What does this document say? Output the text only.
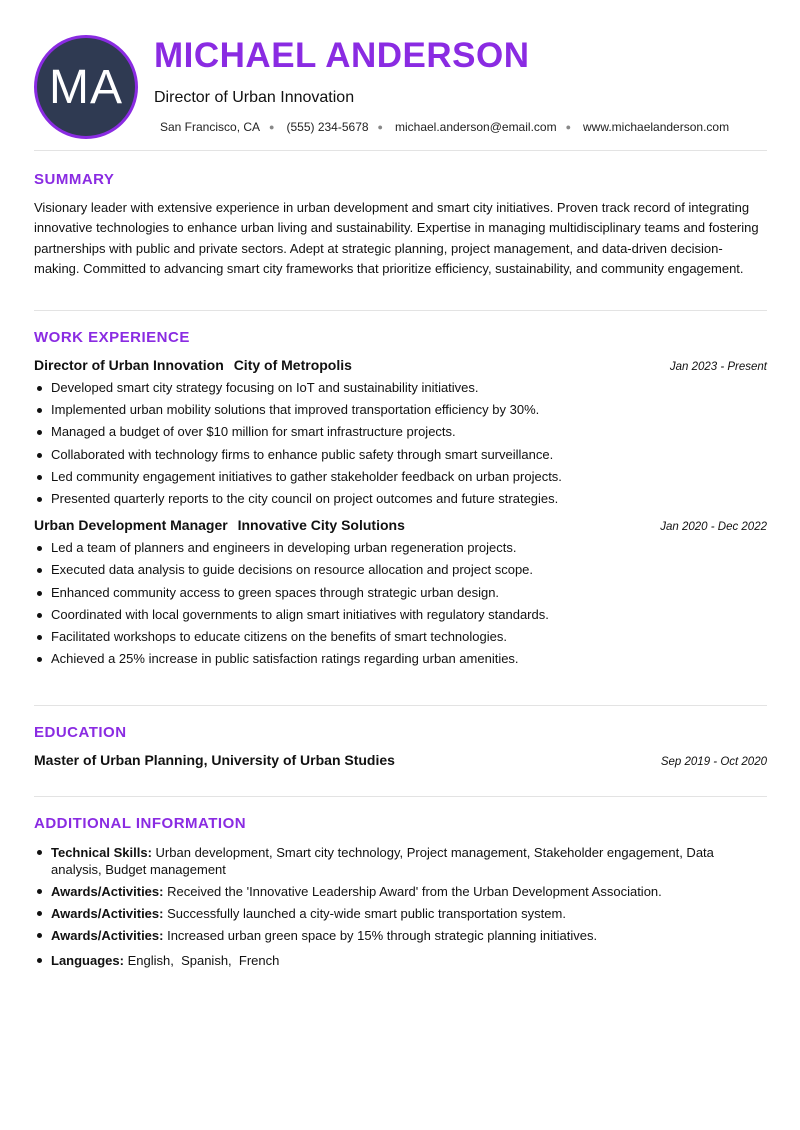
MA
MICHAEL ANDERSON
Director of Urban Innovation
San Francisco, CA ● (555) 234-5678 ● michael.anderson@email.com ● www.michaelanderson.com
SUMMARY

Visionary leader with extensive experience in urban development and smart city initiatives. Proven track record of integrating innovative technologies to enhance urban living and sustainability. Expertise in managing multidisciplinary teams and fostering partnerships with public and private sectors. Adept at strategic planning, project management, and data-driven decision-making. Committed to advancing smart city frameworks that prioritize efficiency, sustainability, and community engagement.

WORK EXPERIENCE
Director of Urban Innovation City of Metropolis	Jan 2023 - Present
Developed smart city strategy focusing on IoT and sustainability initiatives.
Implemented urban mobility solutions that improved transportation efficiency by 30%.
Managed a budget of over $10 million for smart infrastructure projects.
Collaborated with technology firms to enhance public safety through smart surveillance.
Led community engagement initiatives to gather stakeholder feedback on urban projects.
Presented quarterly reports to the city council on project outcomes and future strategies.
Urban Development Manager Innovative City Solutions	Jan 2020 - Dec 2022
Led a team of planners and engineers in developing urban regeneration projects.
Executed data analysis to guide decisions on resource allocation and project scope.
Enhanced community access to green spaces through strategic urban design.
Coordinated with local governments to align smart initiatives with regulatory standards.
Facilitated workshops to educate citizens on the benefits of smart technologies.
Achieved a 25% increase in public satisfaction ratings regarding urban amenities.
EDUCATION
Master of Urban Planning, University of Urban Studies	Sep 2019 - Oct 2020
ADDITIONAL INFORMATION
Technical Skills: Urban development, Smart city technology, Project management, Stakeholder engagement, Data analysis, Budget management
Awards/Activities: Received the 'Innovative Leadership Award' from the Urban Development Association.
Awards/Activities: Successfully launched a city-wide smart public transportation system.
Awards/Activities: Increased urban green space by 15% through strategic planning initiatives.
Languages: English,  Spanish,  French
